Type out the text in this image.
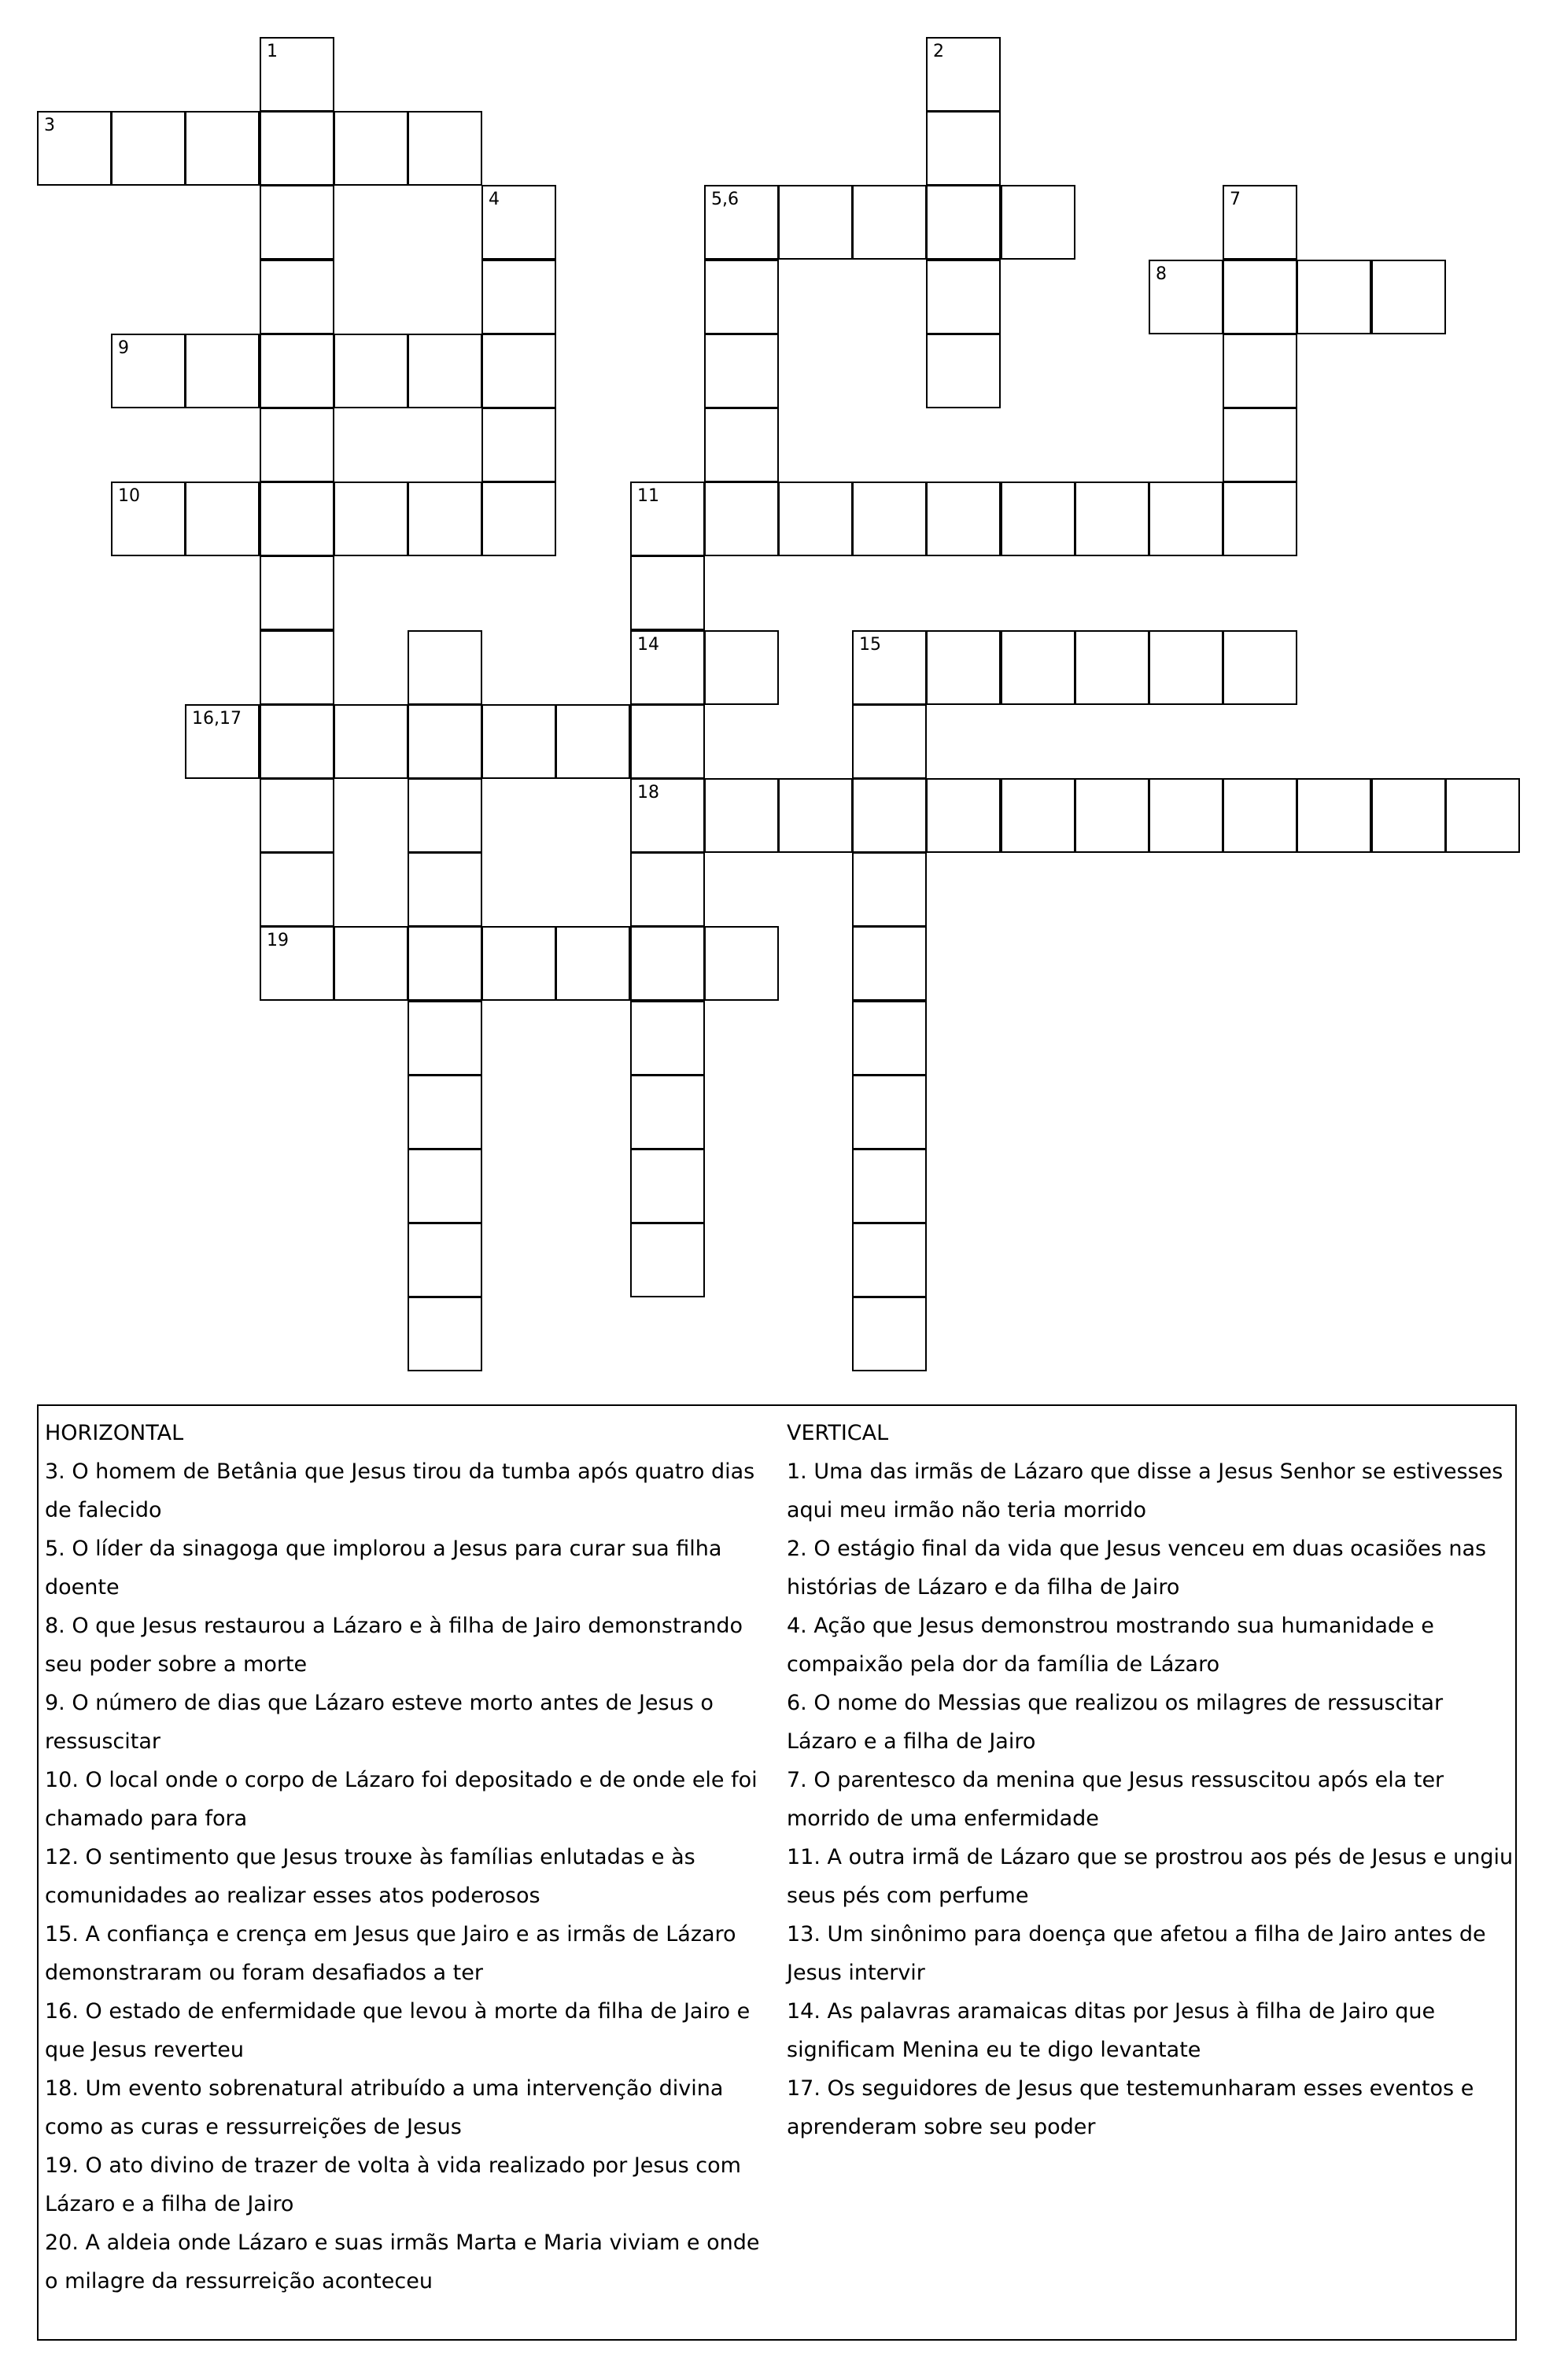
1	2
3
4	5,6	7
8
9
10	11
14
18
15
16,17
19
HORIZONTAL
3. O homem de Betânia que Jesus tirou da tumba após quatro dias de falecido
5. O líder da sinagoga que implorou a Jesus para curar sua filha doente
8. O que Jesus restaurou a Lázaro e à filha de Jairo demonstrando seu poder sobre a morte
9. O número de dias que Lázaro esteve morto antes de Jesus o ressuscitar
10. O local onde o corpo de Lázaro foi depositado e de onde ele foi chamado para fora
12. O sentimento que Jesus trouxe às famílias enlutadas e às comunidades ao realizar esses atos poderosos
15. A confiança e crença em Jesus que Jairo e as irmãs de Lázaro demonstraram ou foram desafiados a ter
16. O estado de enfermidade que levou à morte da filha de Jairo e que Jesus reverteu
18. Um evento sobrenatural atribuído a uma intervenção divina como as curas e ressurreições de Jesus
19. O ato divino de trazer de volta à vida realizado por Jesus com Lázaro e a filha de Jairo
20. A aldeia onde Lázaro e suas irmãs Marta e Maria viviam e onde o milagre da ressurreição aconteceu
VERTICAL
1. Uma das irmãs de Lázaro que disse a Jesus Senhor se estivesses aqui meu irmão não teria morrido
2. O estágio final da vida que Jesus venceu em duas ocasiões nas histórias de Lázaro e da filha de Jairo
4. Ação que Jesus demonstrou mostrando sua humanidade e compaixão pela dor da família de Lázaro
6. O nome do Messias que realizou os milagres de ressuscitar Lázaro e a filha de Jairo
7. O parentesco da menina que Jesus ressuscitou após ela ter morrido de uma enfermidade
11. A outra irmã de Lázaro que se prostrou aos pés de Jesus e ungiu seus pés com perfume
13. Um sinônimo para doença que afetou a filha de Jairo antes de Jesus intervir
14. As palavras aramaicas ditas por Jesus à filha de Jairo que significam Menina eu te digo levantate
17. Os seguidores de Jesus que testemunharam esses eventos e aprenderam sobre seu poder
